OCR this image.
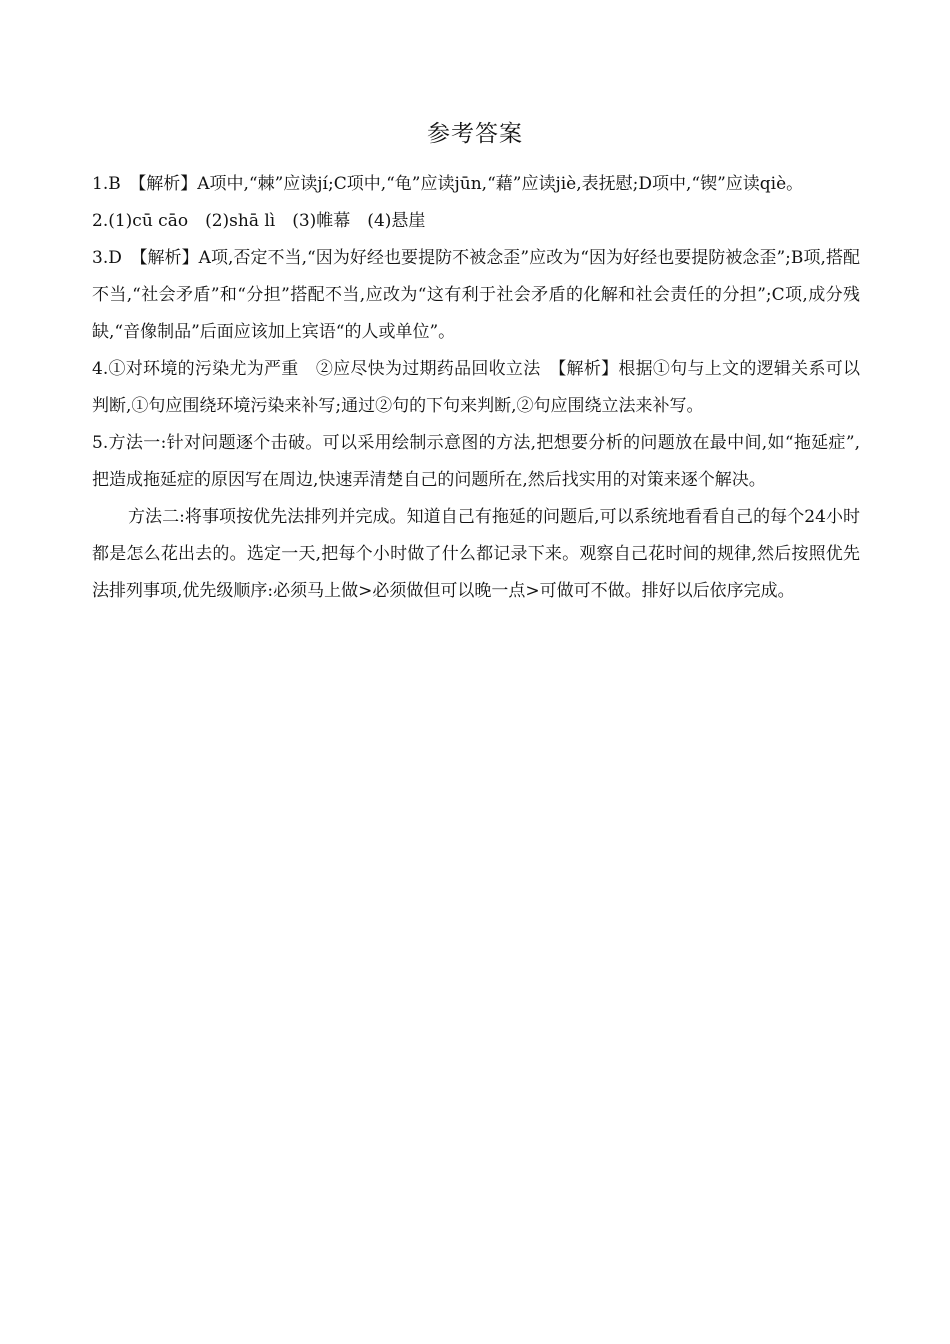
参考答案

1.B　【解析】A项中,“棘”应读jí;C项中,“龟”应读jūn,“藉”应读jiè,表抚慰;D项中,“锲”应读qiè。

2.(1)cū cāo　(2)shā lì　(3)帷幕　(4)悬崖

3.D　【解析】A项,否定不当,“因为好经也要提防不被念歪”应改为“因为好经也要提防被念歪”;B项,搭配不当,“社会矛盾”和“分担”搭配不当,应改为“这有利于社会矛盾的化解和社会责任的分担”;C项,成分残缺,“音像制品”后面应该加上宾语“的人或单位”。

4.①对环境的污染尤为严重　②应尽快为过期药品回收立法　【解析】根据①句与上文的逻辑关系可以判断,①句应围绕环境污染来补写;通过②句的下句来判断,②句应围绕立法来补写。

5.方法一:针对问题逐个击破。可以采用绘制示意图的方法,把想要分析的问题放在最中间,如“拖延症”,把造成拖延症的原因写在周边,快速弄清楚自己的问题所在,然后找实用的对策来逐个解决。

方法二:将事项按优先法排列并完成。知道自己有拖延的问题后,可以系统地看看自己的每个24小时都是怎么花出去的。选定一天,把每个小时做了什么都记录下来。观察自己花时间的规律,然后按照优先法排列事项,优先级顺序:必须马上做>必须做但可以晚一点>可做可不做。排好以后依序完成。
